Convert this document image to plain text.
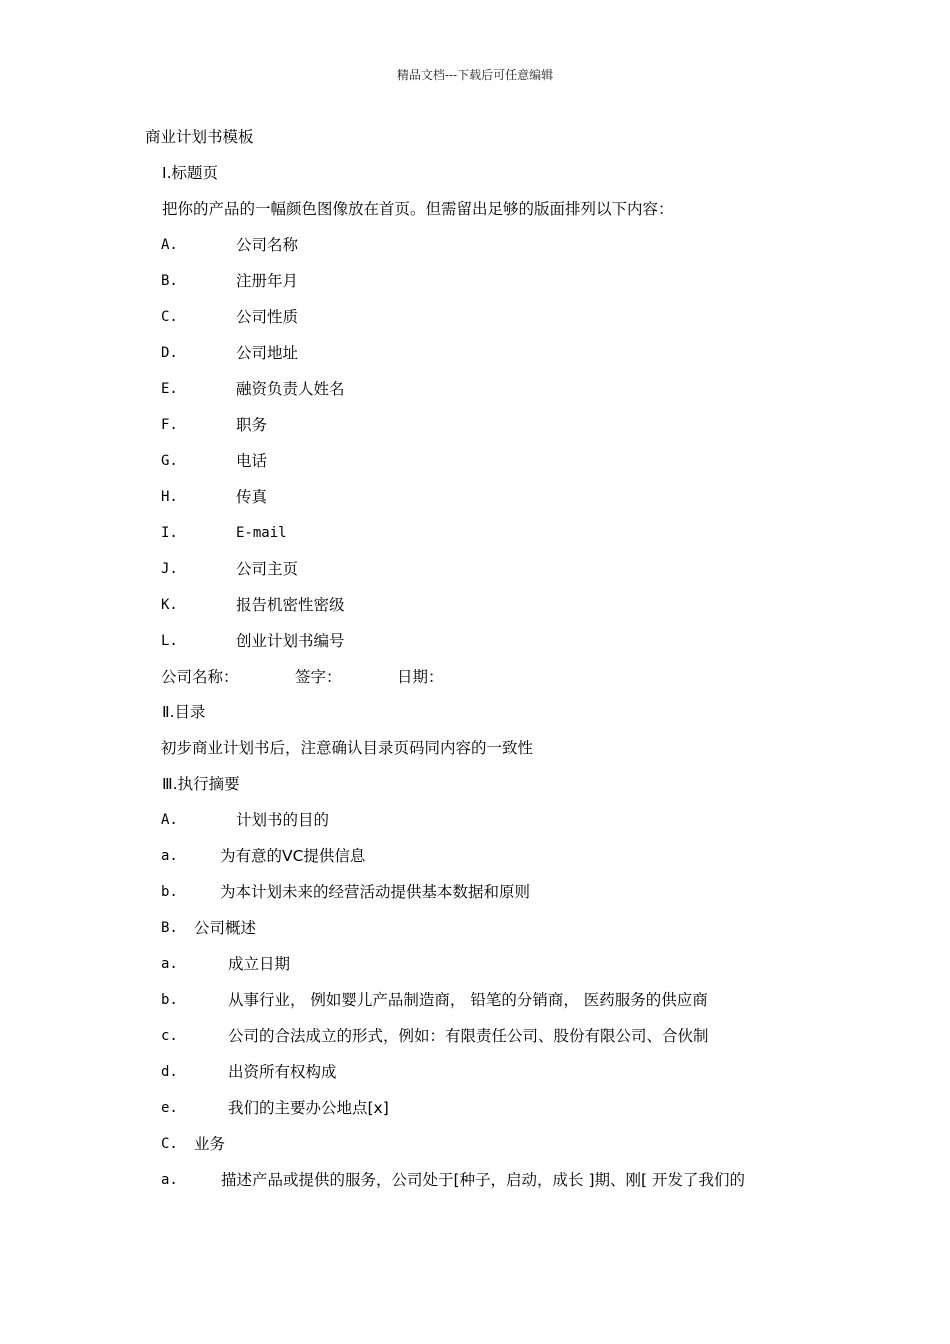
精品文档---下载后可任意编辑
商业计划书模板
Ⅰ.标题页
把你的产品的一幅颜色图像放在首页。但需留出足够的版面排列以下内容：
A.	公司名称
B.	注册年月
C.	公司性质
D.	公司地址
E.	融资负责人姓名
F.	职务
G.	电话
H.	传真
I.	E-mail
J.	公司主页
K.	报告机密性密级
L.	创业计划书编号
公司名称：	签字：	日期：
Ⅱ.目录
初步商业计划书后，注意确认目录页码同内容的一致性
Ⅲ.执行摘要
A.	计划书的目的
a.	为有意的VC提供信息
b.	为本计划未来的经营活动提供基本数据和原则
B. 公司概述
a.	成立日期
b.	从事行业， 例如婴儿产品制造商， 铅笔的分销商， 医药服务的供应商
c.	公司的合法成立的形式，例如：有限责任公司、股份有限公司、合伙制
d.	出资所有权构成
e.	我们的主要办公地点[x]
C. 业务
a.	描述产品或提供的服务，公司处于[种子，启动，成长 ]期、刚[ 开发了我们的
